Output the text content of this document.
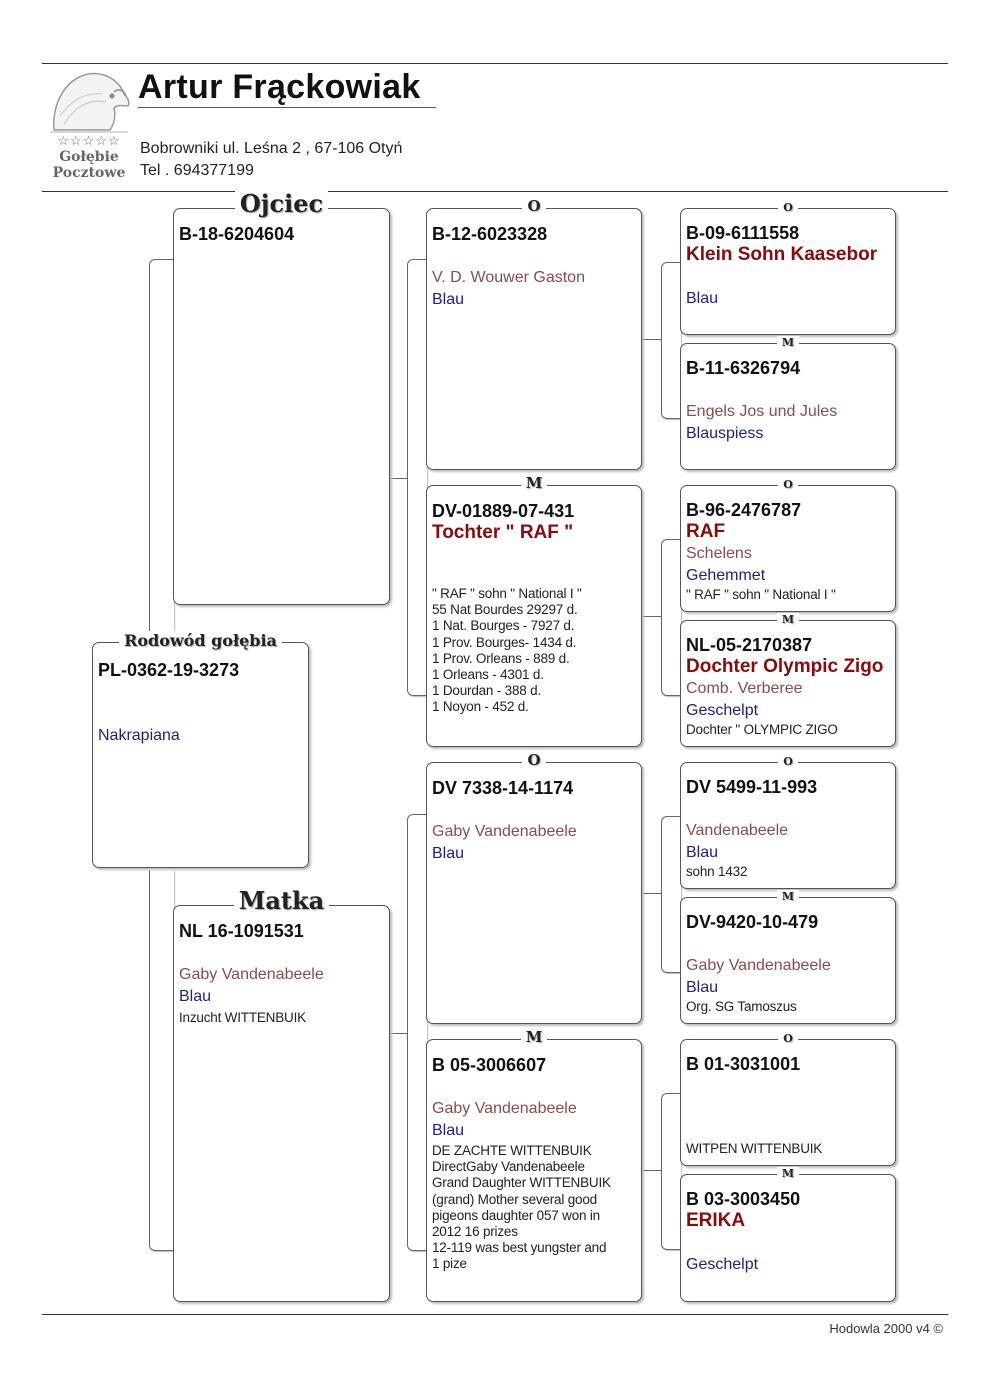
☆☆☆☆☆
Gołębie
Pocztowe
Artur Frąckowiak
Bobrowniki ul. Leśna 2 , 67-106 Otyń
Tel . 694377199
Rodowód gołębia
PL-0362-19-3273
Nakrapiana
Ojciec
B-18-6204604
Matka
NL 16-1091531
Gaby Vandenabeele
Blau
Inzucht WITTENBUIK
O
B-12-6023328
V. D. Wouwer Gaston
Blau
M
DV-01889-07-431
Tochter " RAF "
" RAF " sohn " National I "
55 Nat Bourdes 29297 d.
1 Nat. Bourges - 7927 d.
1 Prov. Bourges- 1434 d.
1 Prov. Orleans - 889 d.
1 Orleans - 4301 d.
1 Dourdan - 388 d.
1 Noyon - 452 d.
O
DV 7338-14-1174
Gaby Vandenabeele
Blau
M
B 05-3006607
Gaby Vandenabeele
Blau
DE ZACHTE WITTENBUIK
DirectGaby Vandenabeele
Grand Daughter WITTENBUIK
(grand) Mother several good
pigeons daughter 057 won in
2012 16 prizes
12-119 was best yungster and
1 pize
O
B-09-6111558
Klein Sohn Kaasebor
Blau
M
B-11-6326794
Engels Jos und Jules
Blauspiess
O
B-96-2476787
RAF
Schelens
Gehemmet
" RAF " sohn " National I "
M
NL-05-2170387
Dochter Olympic Zigo
Comb. Verberee
Geschelpt
Dochter " OLYMPIC ZIGO
O
DV 5499-11-993
Vandenabeele
Blau
sohn 1432
M
DV-9420-10-479
Gaby Vandenabeele
Blau
Org. SG Tamoszus
O
B 01-3031001
WITPEN WITTENBUIK
M
B 03-3003450
ERIKA
Geschelpt
Hodowla 2000 v4 ©
